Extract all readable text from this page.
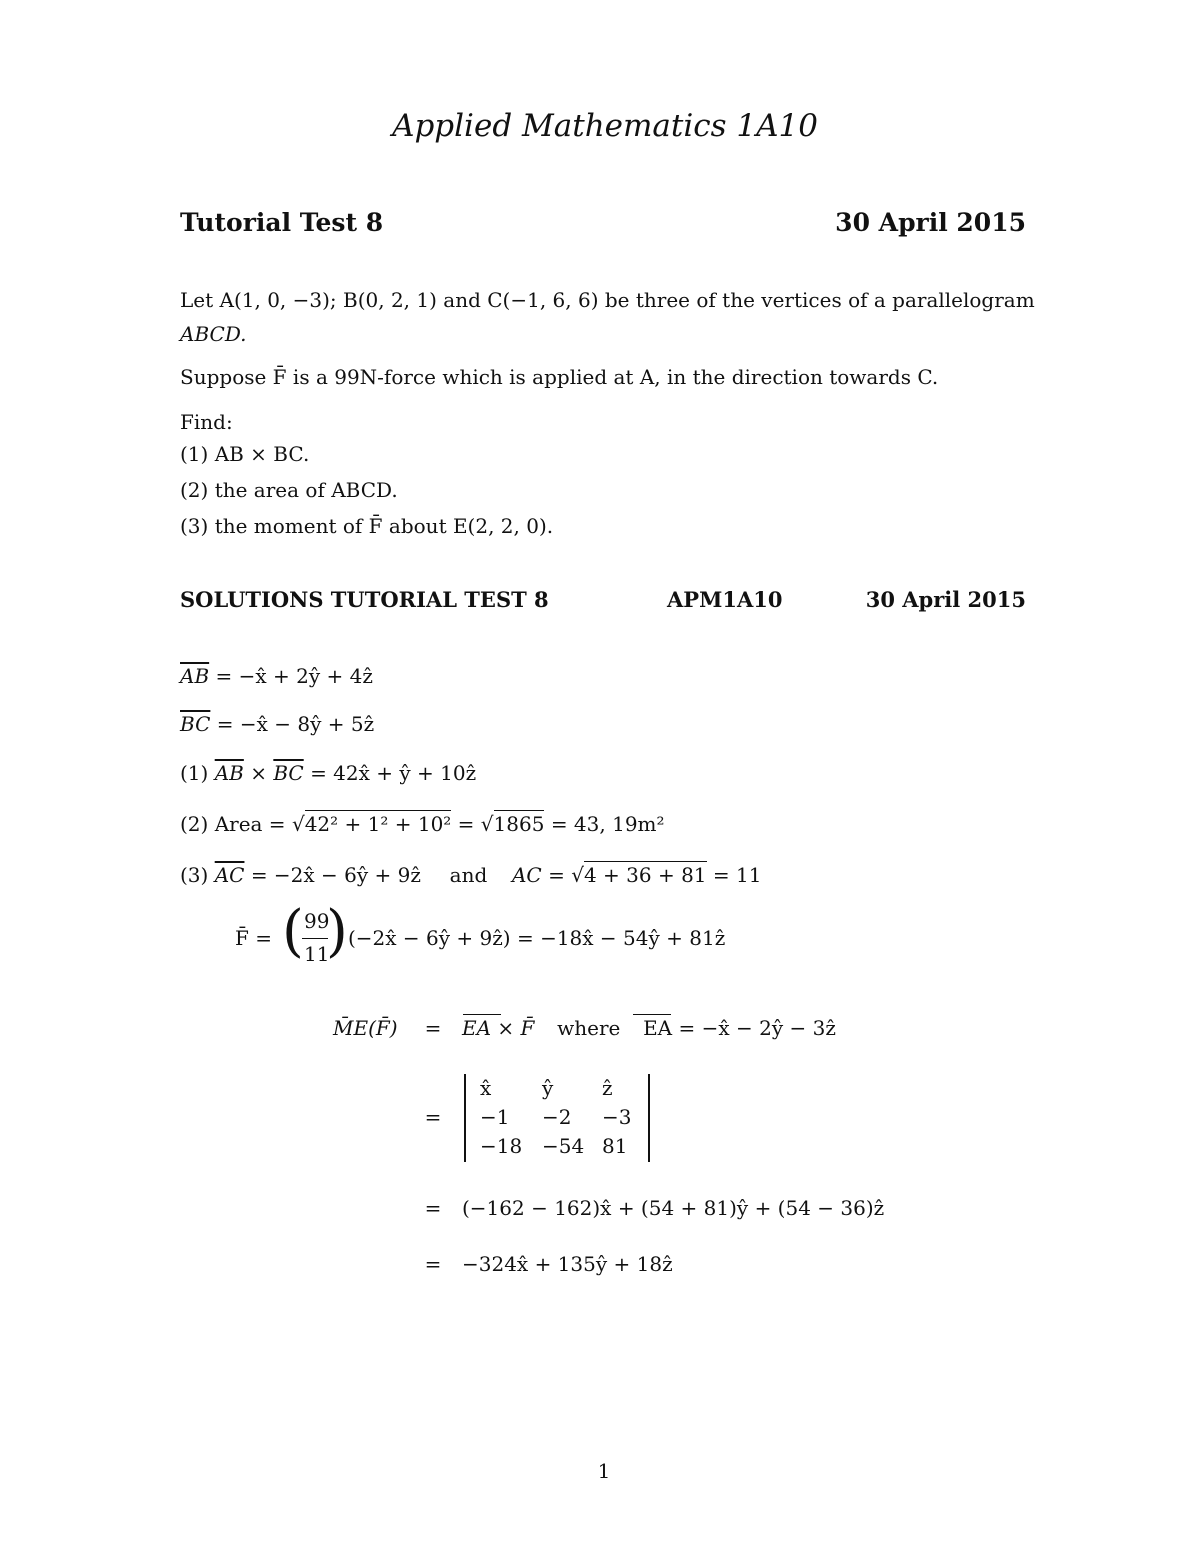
Applied Mathematics 1A10
Tutorial Test 8	30 April 2015
Let A(1, 0, −3); B(0, 2, 1) and C(−1, 6, 6) be three of the vertices of a parallelogram
ABCD.
Suppose F̄ is a 99N-force which is applied at A, in the direction towards C.
Find:
(1) AB × BC.
(2) the area of ABCD.
(3) the moment of F̄ about E(2, 2, 0).
SOLUTIONS TUTORIAL TEST 8	APM1A10	30 April 2015
$\overline{AB}$ = −x̂ + 2ŷ + 4ẑ
$\overline{BC}$ = −x̂ − 8ŷ + 5ẑ
(1) $\overline{AB} \times \overline{BC}$ = 42x̂ + ŷ + 10ẑ
(2) Area = √42² + 1² + 10² = √1865 = 43, 19m²
(3) $\overline{AC}$ = −2x̂ − 6ŷ + 9ẑ and AC = √4 + 36 + 81 = 11
F̄ = ( 99
11
) (−2x̂ − 6ŷ + 9ẑ) = −18x̂ − 54ŷ + 81ẑ
M̄E(F̄)	=	EA × F̄ where EA = −x̂ − 2ŷ − 3ẑ
=
x̂	ŷ	ẑ
−1	−2	−3
−18 −54 81
=	(−162 − 162)x̂ + (54 + 81)ŷ + (54 − 36)ẑ
=	−324x̂ + 135ŷ + 18ẑ
1
